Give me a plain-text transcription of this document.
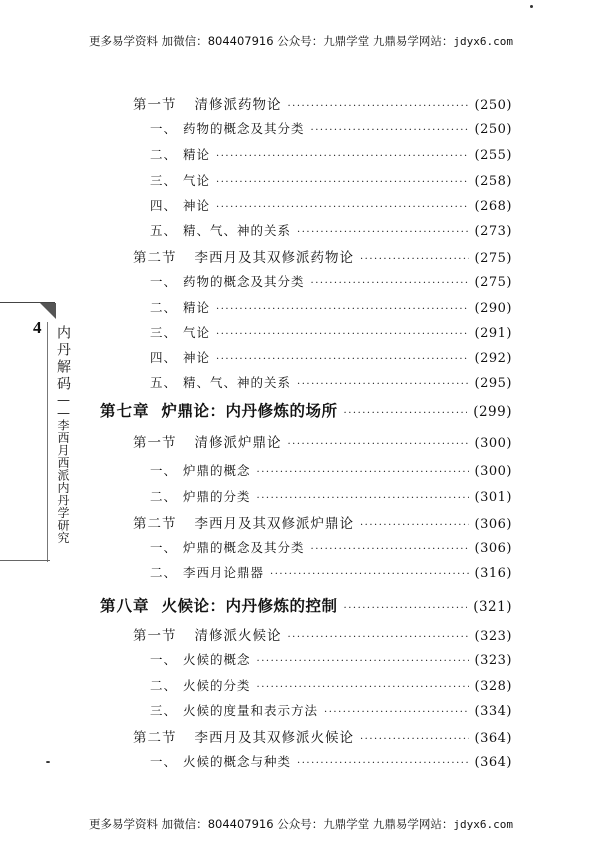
更多易学资料 加微信：804407916 公众号：九鼎学堂 九鼎易学网站：jdyx6.com
4 内丹解码——李西月西派内丹学研究
第一节 清修派药物论 ·····	(250)
一、 药物的概念及其分类 ·····	(250)
二、 精论 ·····	(255)
三、 气论 ·····	(258)
四、 神论 ·····	(268)
五、 精、气、神的关系 ·····	(273)
第二节 李西月及其双修派药物论 ·····	(275)
一、 药物的概念及其分类 ·····	(275)
二、 精论 ·····	(290)
三、 气论 ·····	(291)
四、 神论 ·····	(292)
五、 精、气、神的关系 ·····	(295)
第七章 炉鼎论：内丹修炼的场所 ·····	(299)
第一节 清修派炉鼎论 ·····	(300)
一、 炉鼎的概念 ·····	(300)
二、 炉鼎的分类 ·····	(301)
第二节 李西月及其双修派炉鼎论 ·····	(306)
一、 炉鼎的概念及其分类 ·····	(306)
二、 李西月论鼎器 ·····	(316)
第八章 火候论：内丹修炼的控制 ·····	(321)
第一节 清修派火候论 ·····	(323)
一、 火候的概念 ·····	(323)
二、 火候的分类 ·····	(328)
三、 火候的度量和表示方法 ·····	(334)
第二节 李西月及其双修派火候论 ·····	(364)
一、 火候的概念与种类 ·····	(364)
更多易学资料 加微信：804407916 公众号：九鼎学堂 九鼎易学网站：jdyx6.com
